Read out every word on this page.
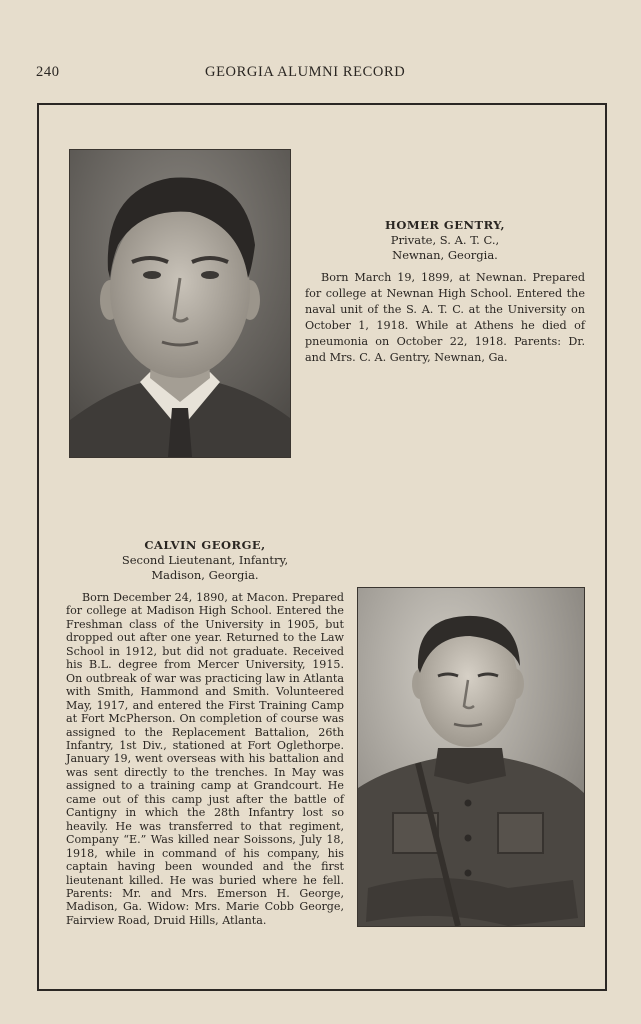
240	GEORGIA ALUMNI RECORD
HOMER GENTRY,
Private, S. A. T. C.,
Newnan, Georgia.
Born March 19, 1899, at Newnan. Prepared for college at Newnan High School. Entered the naval unit of the S. A. T. C. at the University on October 1, 1918. While at Athens he died of pneumonia on October 22, 1918. Parents: Dr. and Mrs. C. A. Gentry, Newnan, Ga.
CALVIN GEORGE,
Second Lieutenant, Infantry,
Madison, Georgia.
Born December 24, 1890, at Macon. Prepared for college at Madison High School. Entered the Freshman class of the University in 1905, but dropped out after one year. Returned to the Law School in 1912, but did not graduate. Received his B.L. degree from Mercer University, 1915. On outbreak of war was practicing law in Atlanta with Smith, Hammond and Smith. Volunteered May, 1917, and entered the First Training Camp at Fort McPherson. On completion of course was assigned to the Replacement Battalion, 26th Infantry, 1st Div., stationed at Fort Oglethorpe. January 19, went overseas with his battalion and was sent directly to the trenches. In May was assigned to a training camp at Grandcourt. He came out of this camp just after the battle of Cantigny in which the 28th Infantry lost so heavily. He was transferred to that regiment, Company “E.” Was killed near Soissons, July 18, 1918, while in command of his company, his captain having been wounded and the first lieutenant killed. He was buried where he fell. Parents: Mr. and Mrs. Emerson H. George, Madison, Ga. Widow: Mrs. Marie Cobb George, Fairview Road, Druid Hills, Atlanta.
